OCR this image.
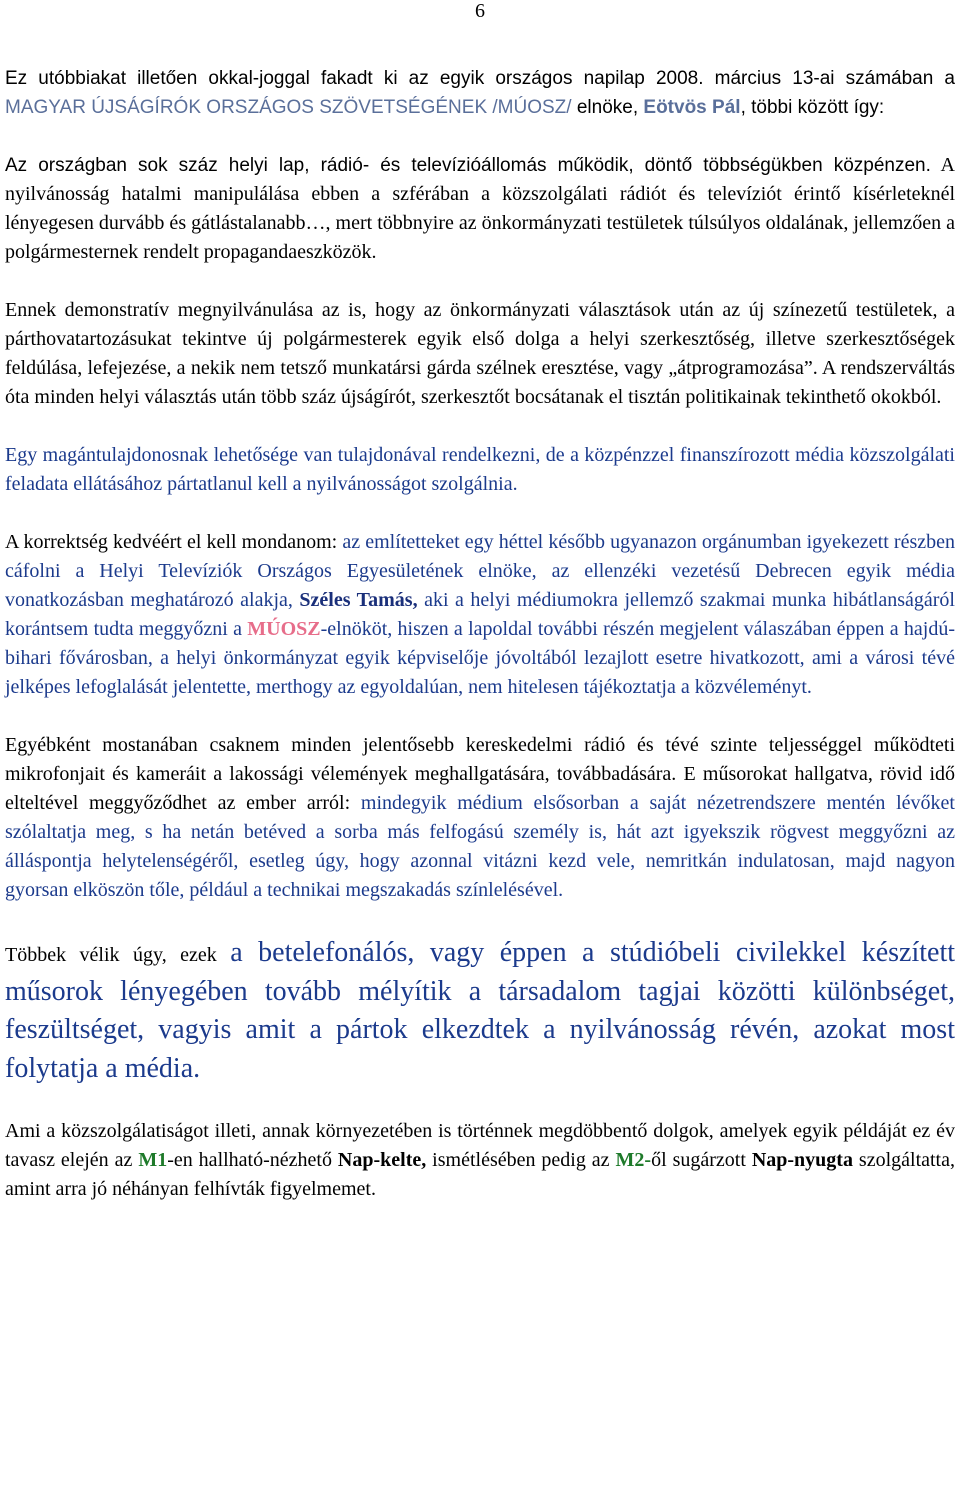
6

Ez utóbbiakat illetően okkal-joggal fakadt ki az egyik országos napilap 2008. március 13-ai számában a MAGYAR ÚJSÁGÍRÓK ORSZÁGOS SZÖVETSÉGÉNEK /MÚOSZ/ elnöke, Eötvös Pál, többi között így:

Az országban sok száz helyi lap, rádió- és televízióállomás működik, döntő többségükben közpénzen. A nyilvánosság hatalmi manipulálása ebben a szférában a közszolgálati rádiót és televíziót érintő kísérleteknél lényegesen durvább és gátlástalanabb…, mert többnyire az önkormányzati testületek túlsúlyos oldalának, jellemzően a polgármesternek rendelt propagandaeszközök.

Ennek demonstratív megnyilvánulása az is, hogy az önkormányzati választások után az új színezetű testületek, a párthovatartozásukat tekintve új polgármesterek egyik első dolga a helyi szerkesztőség, illetve szerkesztőségek feldúlása, lefejezése, a nekik nem tetsző munkatársi gárda szélnek eresztése, vagy „átprogramozása”. A rendszerváltás óta minden helyi választás után több száz újságírót, szerkesztőt bocsátanak el tisztán politikainak tekinthető okokból.

Egy magántulajdonosnak lehetősége van tulajdonával rendelkezni, de a közpénzzel finanszírozott média közszolgálati feladata ellátásához pártatlanul kell a nyilvánosságot szolgálnia.

A korrektség kedvéért el kell mondanom: az említetteket egy héttel később ugyanazon orgánumban igyekezett részben cáfolni a Helyi Televíziók Országos Egyesületének elnöke, az ellenzéki vezetésű Debrecen egyik média vonatkozásban meghatározó alakja, Széles Tamás, aki a helyi médiumokra jellemző szakmai munka hibátlanságáról korántsem tudta meggyőzni a MÚOSZ-elnököt, hiszen a lapoldal további részén megjelent válaszában éppen a hajdú-bihari fővárosban, a helyi önkormányzat egyik képviselője jóvoltából lezajlott esetre hivatkozott, ami a városi tévé jelképes lefoglalását jelentette, merthogy az egyoldalúan, nem hitelesen tájékoztatja a közvéleményt.

Egyébként mostanában csaknem minden jelentősebb kereskedelmi rádió és tévé szinte teljességgel működteti mikrofonjait és kameráit a lakossági vélemények meghallgatására, továbbadására. E műsorokat hallgatva, rövid idő elteltével meggyőződhet az ember arról: mindegyik médium elsősorban a saját nézetrendszere mentén lévőket szólaltatja meg, s ha netán betéved a sorba más felfogású személy is, hát azt igyekszik rögvest meggyőzni az álláspontja helytelenségéről, esetleg úgy, hogy azonnal vitázni kezd vele, nemritkán indulatosan, majd nagyon gyorsan elköszön tőle, például a technikai megszakadás színlelésével.

Többek vélik úgy, ezek a betelefonálós, vagy éppen a stúdióbeli civilekkel készített műsorok lényegében tovább mélyítik a társadalom tagjai közötti különbséget, feszültséget, vagyis amit a pártok elkezdtek a nyilvánosság révén, azokat most folytatja a média.

Ami a közszolgálatiságot illeti, annak környezetében is történnek megdöbbentő dolgok, amelyek egyik példáját ez év tavasz elején az M1-en hallható-nézhető Nap-kelte, ismétlésében pedig az M2-ől sugárzott Nap-nyugta szolgáltatta, amint arra jó néhányan felhívták figyelmemet.
